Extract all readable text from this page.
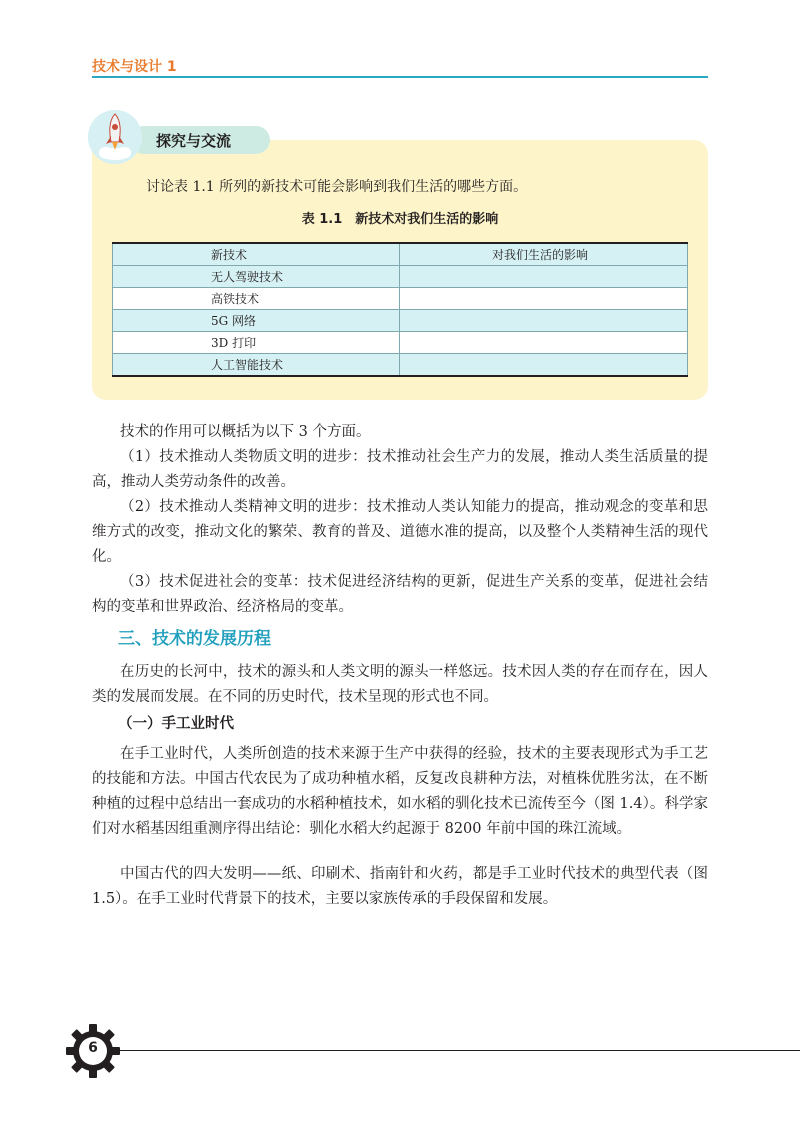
技术与设计 1
探究与交流
讨论表 1.1 所列的新技术可能会影响到我们生活的哪些方面。
表 1.1　新技术对我们生活的影响
新技术	对我们生活的影响
无人驾驶技术	
高铁技术	
5G 网络	
3D 打印	
人工智能技术	
技术的作用可以概括为以下 3 个方面。
（1）技术推动人类物质文明的进步：技术推动社会生产力的发展，推动人类生活质量的提高，推动人类劳动条件的改善。
（2）技术推动人类精神文明的进步：技术推动人类认知能力的提高，推动观念的变革和思维方式的改变，推动文化的繁荣、教育的普及、道德水准的提高，以及整个人类精神生活的现代化。
（3）技术促进社会的变革：技术促进经济结构的更新，促进生产关系的变革，促进社会结构的变革和世界政治、经济格局的变革。
三、技术的发展历程
在历史的长河中，技术的源头和人类文明的源头一样悠远。技术因人类的存在而存在，因人类的发展而发展。在不同的历史时代，技术呈现的形式也不同。
（一）手工业时代
在手工业时代，人类所创造的技术来源于生产中获得的经验，技术的主要表现形式为手工艺的技能和方法。中国古代农民为了成功种植水稻，反复改良耕种方法，对植株优胜劣汰，在不断种植的过程中总结出一套成功的水稻种植技术，如水稻的驯化技术已流传至今（图 1.4）。科学家们对水稻基因组重测序得出结论：驯化水稻大约起源于 8200 年前中国的珠江流域。
中国古代的四大发明——纸、印刷术、指南针和火药，都是手工业时代技术的典型代表（图 1.5）。在手工业时代背景下的技术，主要以家族传承的手段保留和发展。
6
